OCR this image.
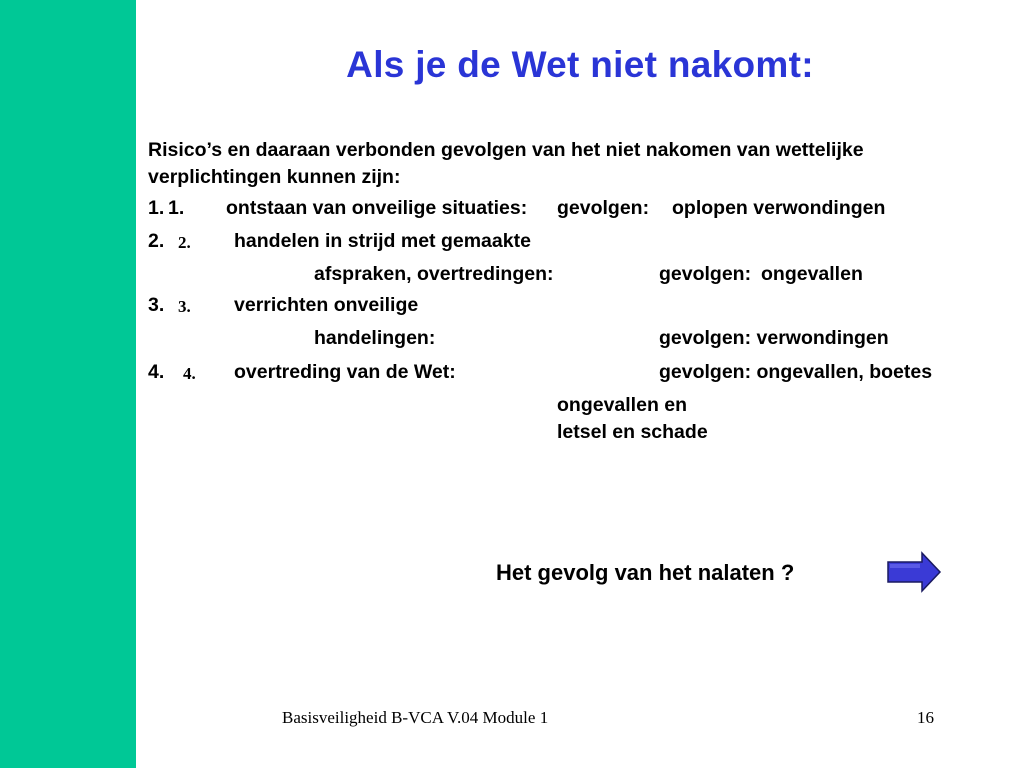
Als je de Wet niet nakomt:
Risico’s en daaraan verbonden gevolgen van het niet nakomen van wettelijke verplichtingen kunnen zijn:
1. 1. ontstaan van onveilige situaties: gevolgen: oplopen verwondingen
2. 2. handelen in strijd met gemaakte
afspraken, overtredingen:	gevolgen: ongevallen
3. 3. verrichten onveilige
handelingen:	gevolgen: verwondingen
4. 4. overtreding van de Wet:	gevolgen: ongevallen, boetes
ongevallen en
letsel en schade
Het gevolg van het nalaten ?
Basisveiligheid B-VCA V.04 Module 1	16
